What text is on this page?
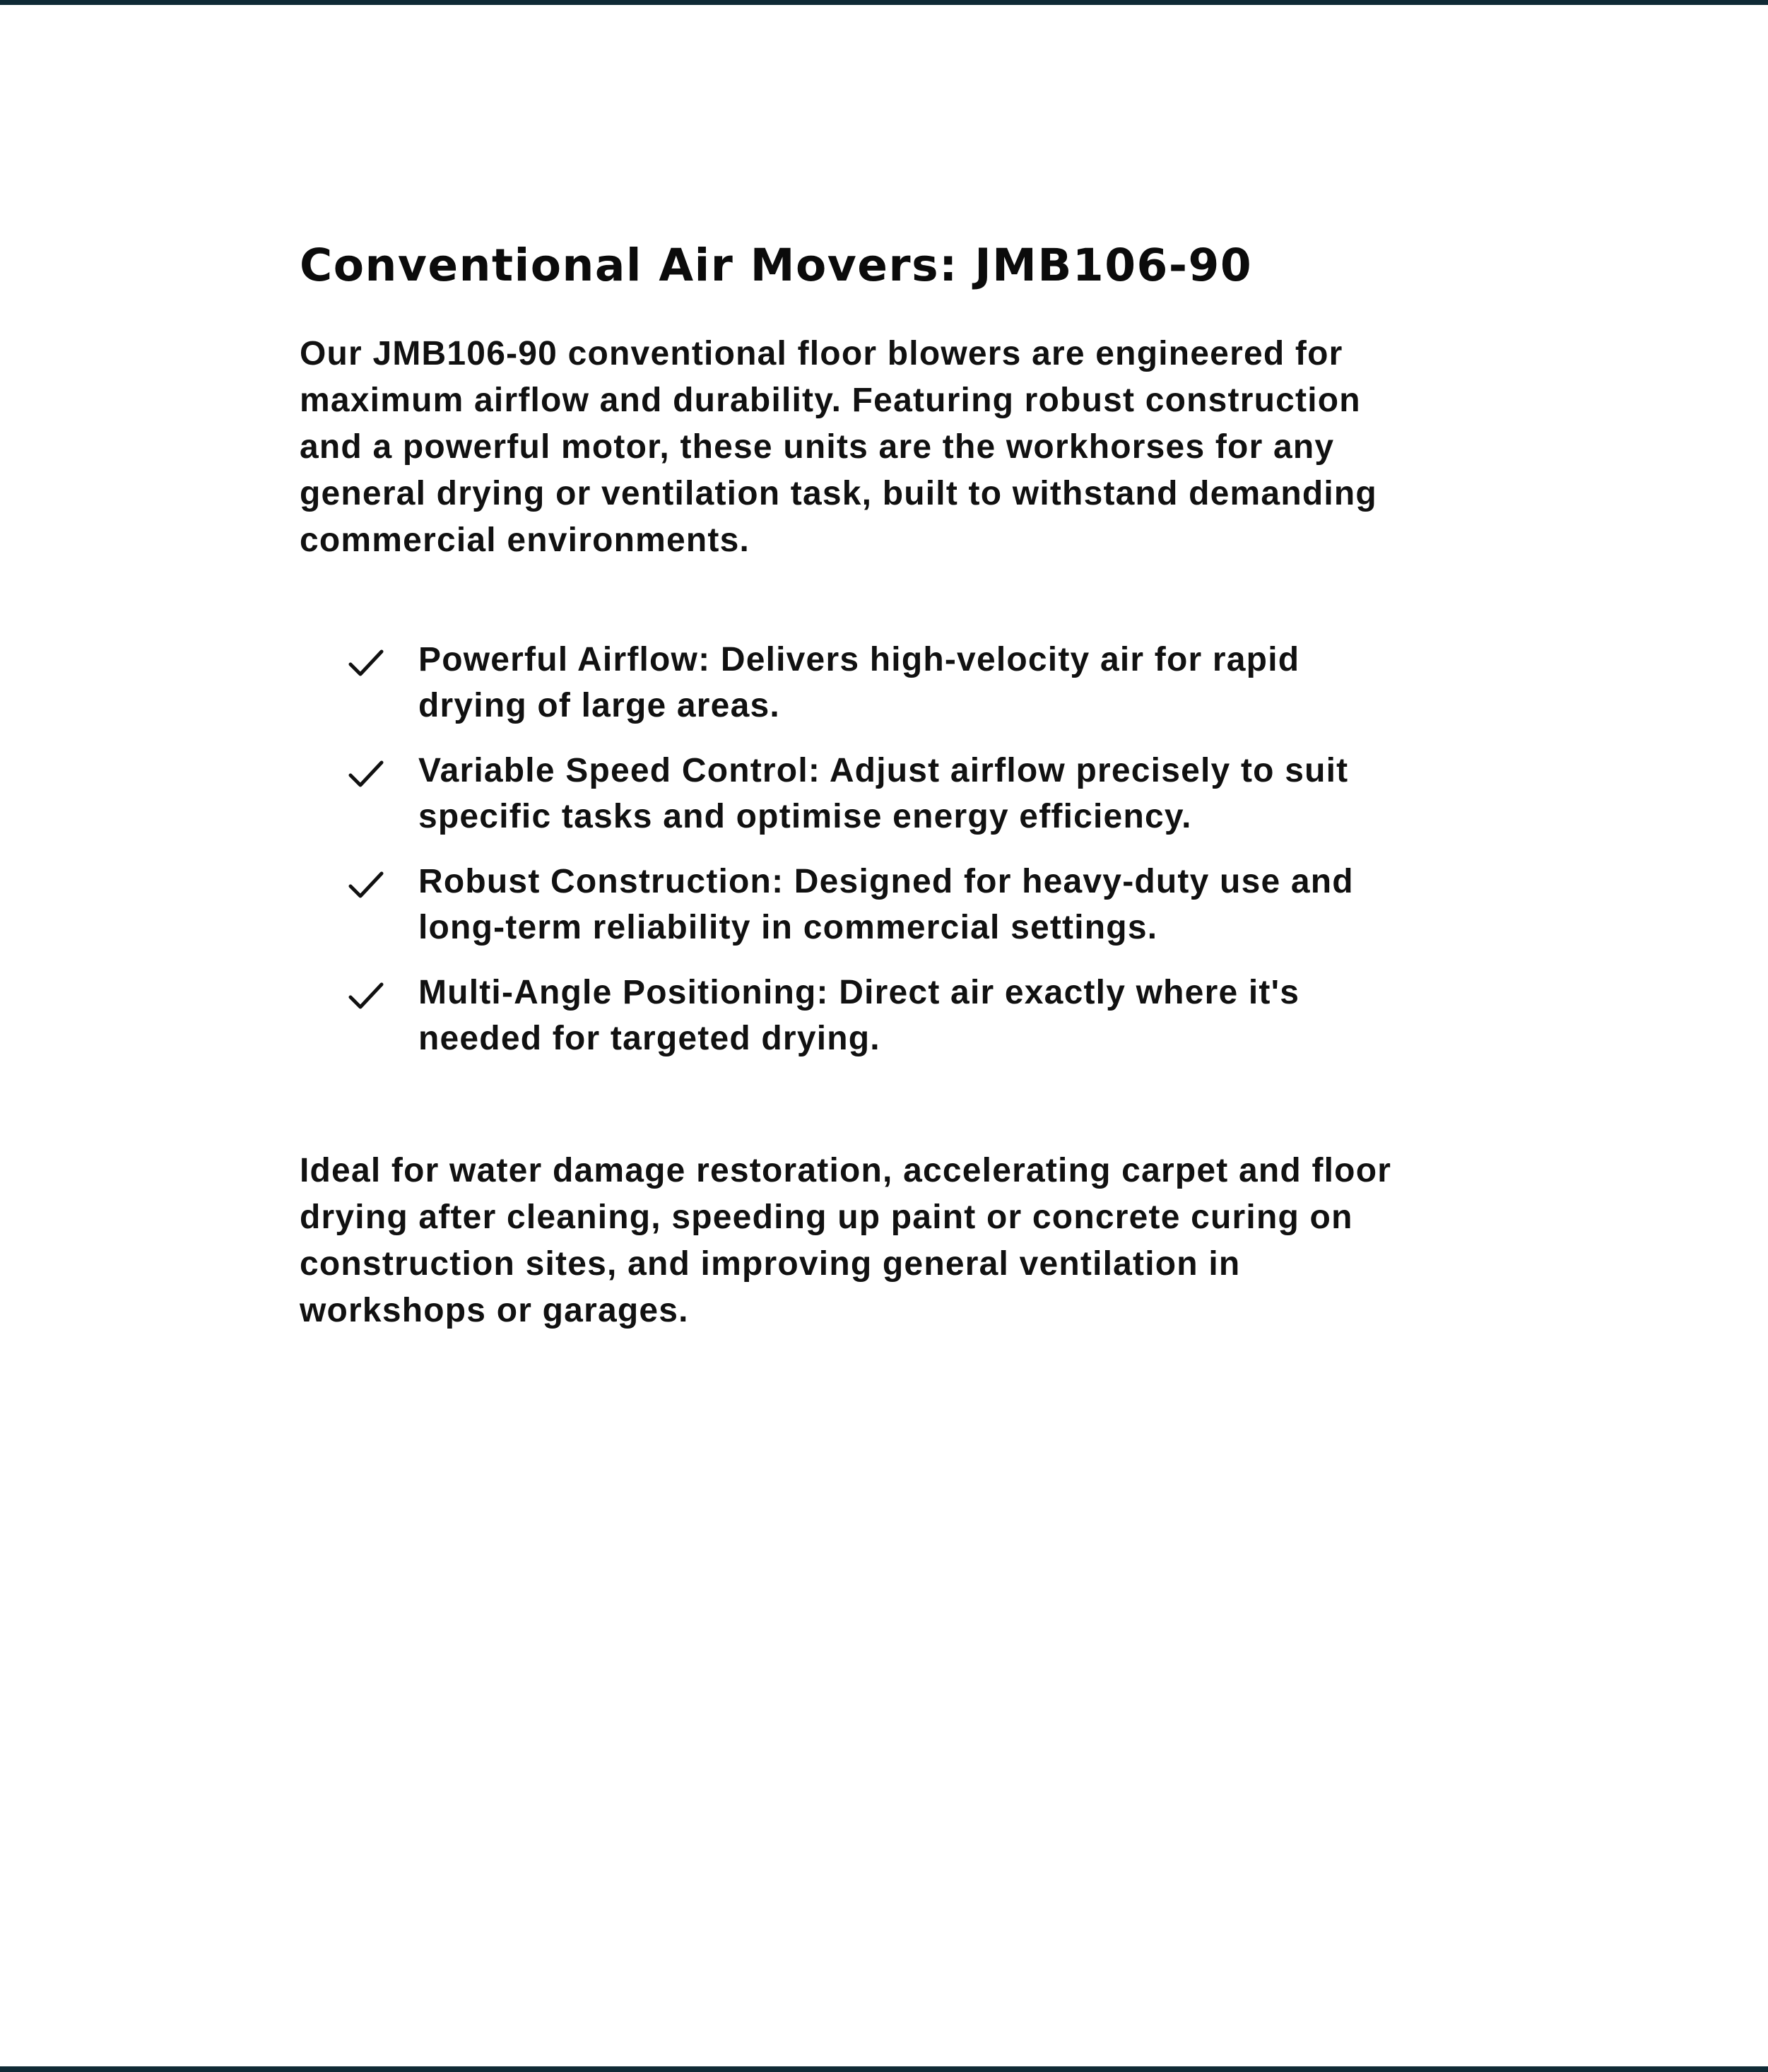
Conventional Air Movers: JMB106-90

Our JMB106-90 conventional floor blowers are engineered for maximum airflow and durability. Featuring robust construction and a powerful motor, these units are the workhorses for any general drying or ventilation task, built to withstand demanding commercial environments.

Powerful Airflow: Delivers high-velocity air for rapid drying of large areas.
Variable Speed Control: Adjust airflow precisely to suit specific tasks and optimise energy efficiency.
Robust Construction: Designed for heavy-duty use and long-term reliability in commercial settings.
Multi-Angle Positioning: Direct air exactly where it's needed for targeted drying.

Ideal for water damage restoration, accelerating carpet and floor drying after cleaning, speeding up paint or concrete curing on construction sites, and improving general ventilation in workshops or garages.
